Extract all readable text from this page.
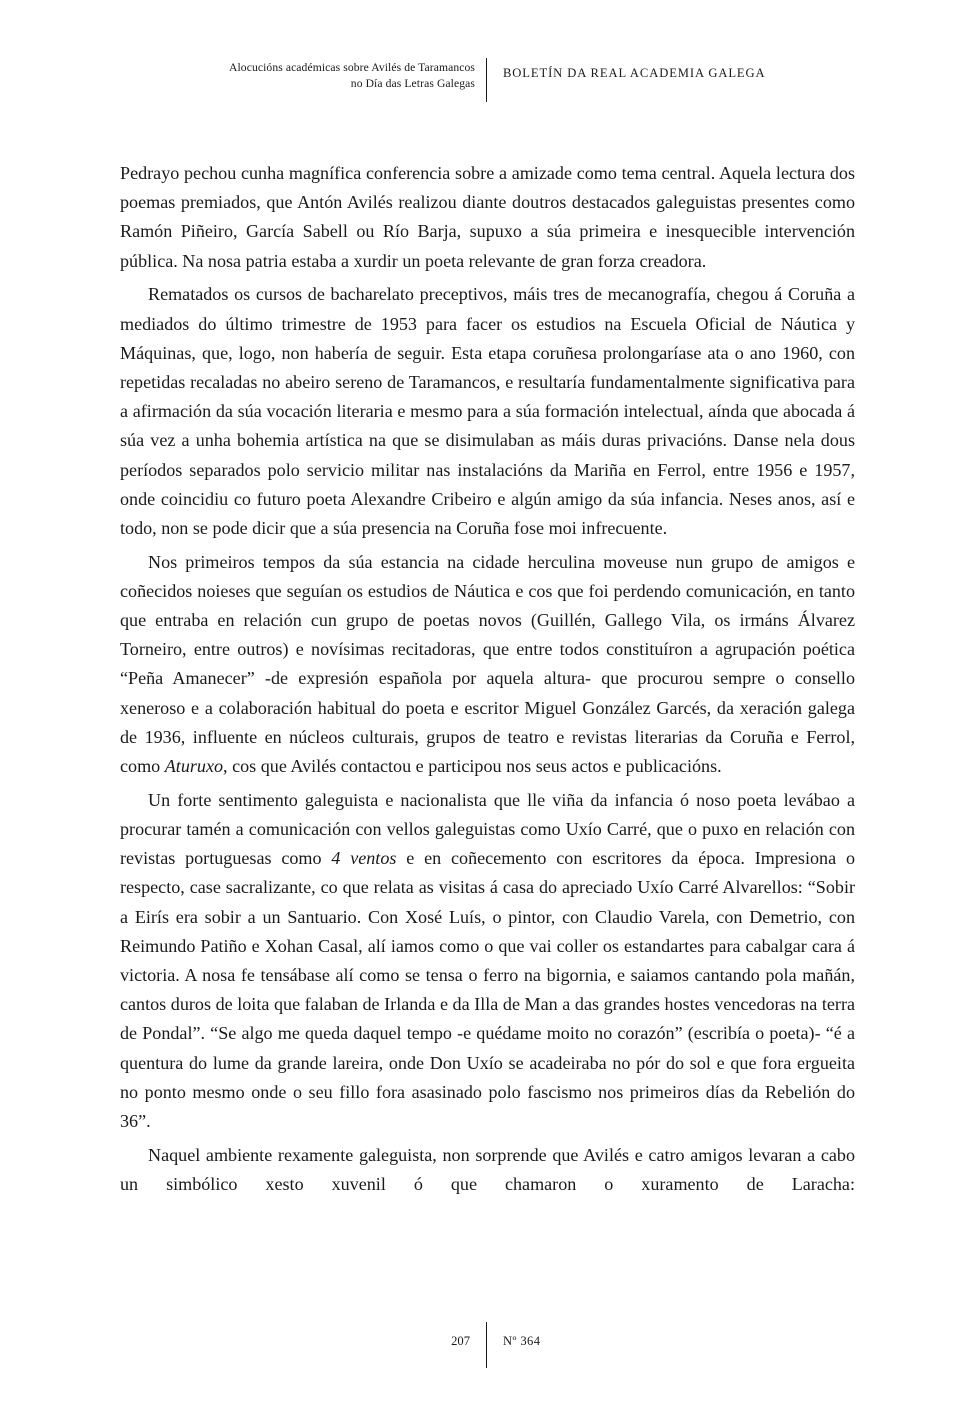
Alocucións académicas sobre Avilés de Taramancos
no Día das Letras Galegas
BOLETÍN DA REAL ACADEMIA GALEGA

Pedrayo pechou cunha magnífica conferencia sobre a amizade como tema central. Aquela lectura dos poemas premiados, que Antón Avilés realizou diante doutros destacados galeguistas presentes como Ramón Piñeiro, García Sabell ou Río Barja, supuxo a súa primeira e inesquecible intervención pública. Na nosa patria estaba a xurdir un poeta relevante de gran forza creadora.

Rematados os cursos de bacharelato preceptivos, máis tres de mecanografía, chegou á Coruña a mediados do último trimestre de 1953 para facer os estudios na Escuela Oficial de Náutica y Máquinas, que, logo, non habería de seguir. Esta etapa coruñesa prolongaríase ata o ano 1960, con repetidas recaladas no abeiro sereno de Taramancos, e resultaría fundamentalmente significativa para a afirmación da súa vocación literaria e mesmo para a súa formación intelectual, aínda que abocada á súa vez a unha bohemia artística na que se disimulaban as máis duras privacións. Danse nela dous períodos separados polo servicio militar nas instalacións da Mariña en Ferrol, entre 1956 e 1957, onde coincidiu co futuro poeta Alexandre Cribeiro e algún amigo da súa infancia. Neses anos, así e todo, non se pode dicir que a súa presencia na Coruña fose moi infrecuente.

Nos primeiros tempos da súa estancia na cidade herculina moveuse nun grupo de amigos e coñecidos noieses que seguían os estudios de Náutica e cos que foi perdendo comunicación, en tanto que entraba en relación cun grupo de poetas novos (Guillén, Gallego Vila, os irmáns Álvarez Torneiro, entre outros) e novísimas recitadoras, que entre todos constituíron a agrupación poética “Peña Amanecer” -de expresión española por aquela altura- que procurou sempre o consello xeneroso e a colaboración habitual do poeta e escritor Miguel González Garcés, da xeración galega de 1936, influente en núcleos culturais, grupos de teatro e revistas literarias da Coruña e Ferrol, como Aturuxo, cos que Avilés contactou e participou nos seus actos e publicacións.

Un forte sentimento galeguista e nacionalista que lle viña da infancia ó noso poeta levábao a procurar tamén a comunicación con vellos galeguistas como Uxío Carré, que o puxo en relación con revistas portuguesas como 4 ventos e en coñecemento con escritores da época. Impresiona o respecto, case sacralizante, co que relata as visitas á casa do apreciado Uxío Carré Alvarellos: “Sobir a Eirís era sobir a un Santuario. Con Xosé Luís, o pintor, con Claudio Varela, con Demetrio, con Reimundo Patiño e Xohan Casal, alí iamos como o que vai coller os estandartes para cabalgar cara á victoria. A nosa fe tensábase alí como se tensa o ferro na bigornia, e saiamos cantando pola mañán, cantos duros de loita que falaban de Irlanda e da Illa de Man a das grandes hostes vencedoras na terra de Pondal”. “Se algo me queda daquel tempo -e quédame moito no corazón” (escribía o poeta)- “é a quentura do lume da grande lareira, onde Don Uxío se acadeiraba no pór do sol e que fora ergueita no ponto mesmo onde o seu fillo fora asasinado polo fascismo nos primeiros días da Rebelión do 36”.

Naquel ambiente rexamente galeguista, non sorprende que Avilés e catro amigos levaran a cabo un simbólico xesto xuvenil ó que chamaron o xuramento de Laracha:

207	Nº 364
